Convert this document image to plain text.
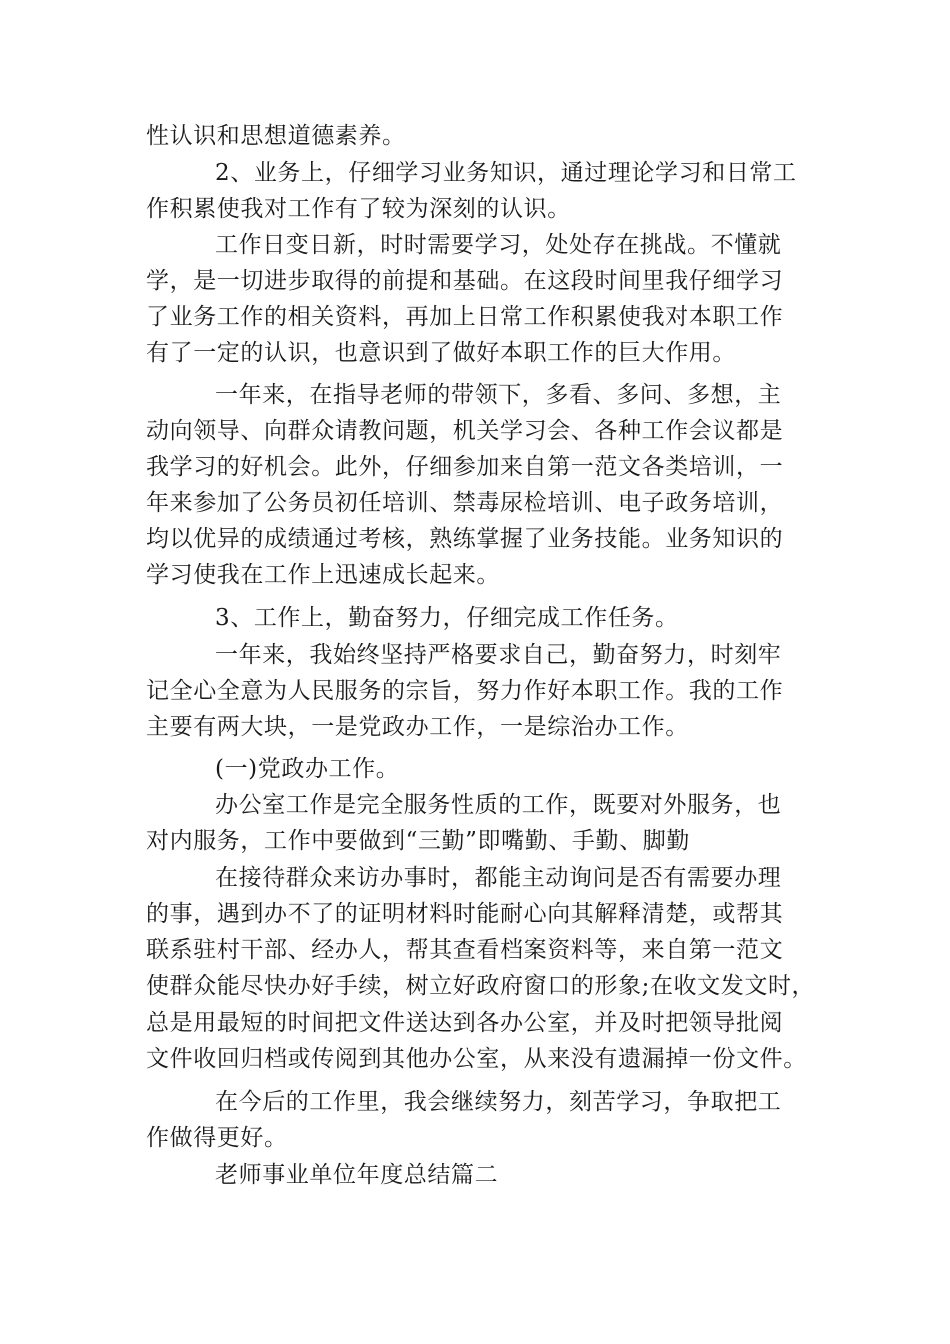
性认识和思想道德素养。
2、业务上，仔细学习业务知识，通过理论学习和日常工
作积累使我对工作有了较为深刻的认识。
工作日变日新，时时需要学习，处处存在挑战。不懂就
学，是一切进步取得的前提和基础。在这段时间里我仔细学习
了业务工作的相关资料，再加上日常工作积累使我对本职工作
有了一定的认识，也意识到了做好本职工作的巨大作用。
一年来，在指导老师的带领下，多看、多问、多想，主
动向领导、向群众请教问题，机关学习会、各种工作会议都是
我学习的好机会。此外，仔细参加来自第一范文各类培训，一
年来参加了公务员初任培训、禁毒尿检培训、电子政务培训，
均以优异的成绩通过考核，熟练掌握了业务技能。业务知识的
学习使我在工作上迅速成长起来。
3、工作上，勤奋努力，仔细完成工作任务。
一年来，我始终坚持严格要求自己，勤奋努力，时刻牢
记全心全意为人民服务的宗旨，努力作好本职工作。我的工作
主要有两大块，一是党政办工作，一是综治办工作。
(一)党政办工作。
办公室工作是完全服务性质的工作，既要对外服务，也
对内服务，工作中要做到“三勤”即嘴勤、手勤、脚勤
在接待群众来访办事时，都能主动询问是否有需要办理
的事，遇到办不了的证明材料时能耐心向其解释清楚，或帮其
联系驻村干部、经办人，帮其查看档案资料等，来自第一范文
使群众能尽快办好手续，树立好政府窗口的形象;在收文发文时，
总是用最短的时间把文件送达到各办公室，并及时把领导批阅
文件收回归档或传阅到其他办公室，从来没有遗漏掉一份文件。
在今后的工作里，我会继续努力，刻苦学习，争取把工
作做得更好。
老师事业单位年度总结篇二
